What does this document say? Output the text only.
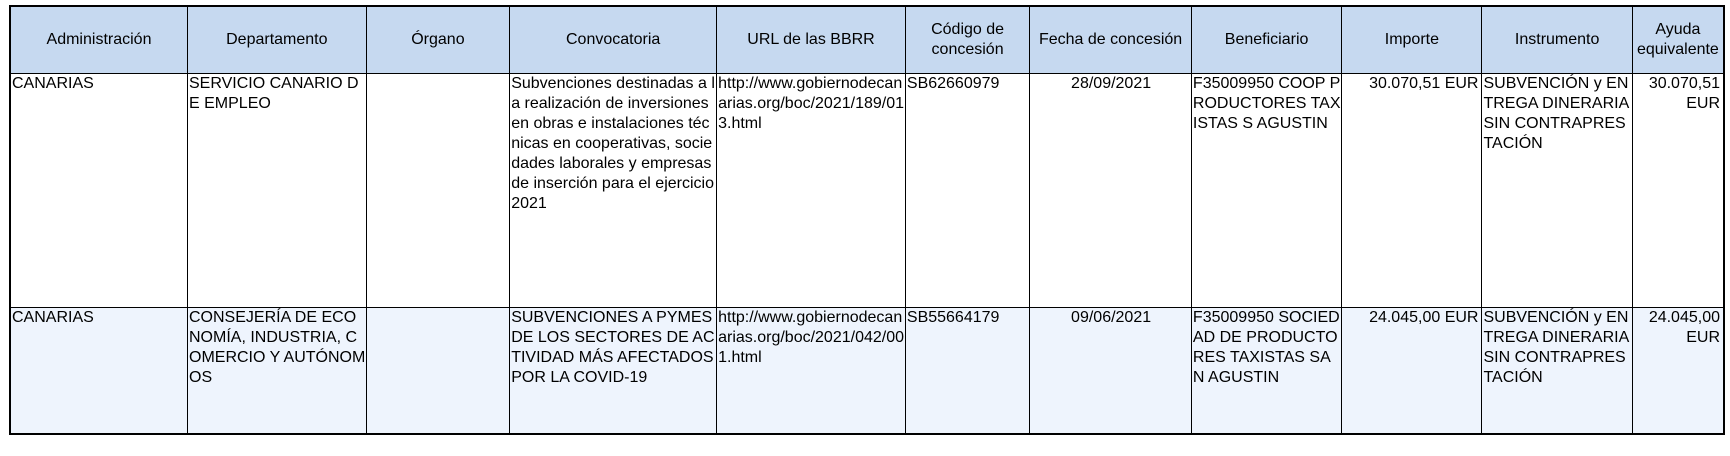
Administración	Departamento	Órgano	Convocatoria	URL de las BBRR	Código de concesión	Fecha de concesión	Beneficiario	Importe	Instrumento	Ayuda equivalente
CANARIAS	SERVICIO CANARIO DE EMPLEO		Subvenciones destinadas a la realización de inversiones en obras e instalaciones técnicas en cooperativas, sociedades laborales y empresas de inserción para el ejercicio 2021	http://www.gobiernodecanarias.org/boc/2021/189/013.html	SB62660979	28/09/2021	F35009950 COOP PRODUCTORES TAXISTAS S AGUSTIN	30.070,51 EUR	SUBVENCIÓN y ENTREGA DINERARIA SIN CONTRAPRESTACIÓN	30.070,51 EUR
CANARIAS	CONSEJERÍA DE ECONOMÍA, INDUSTRIA, COMERCIO Y AUTÓNOMOS		SUBVENCIONES A PYMES DE LOS SECTORES DE ACTIVIDAD MÁS AFECTADOS POR LA COVID-19	http://www.gobiernodecanarias.org/boc/2021/042/001.html	SB55664179	09/06/2021	F35009950 SOCIEDAD DE PRODUCTORES TAXISTAS SAN AGUSTIN	24.045,00 EUR	SUBVENCIÓN y ENTREGA DINERARIA SIN CONTRAPRESTACIÓN	24.045,00 EUR
